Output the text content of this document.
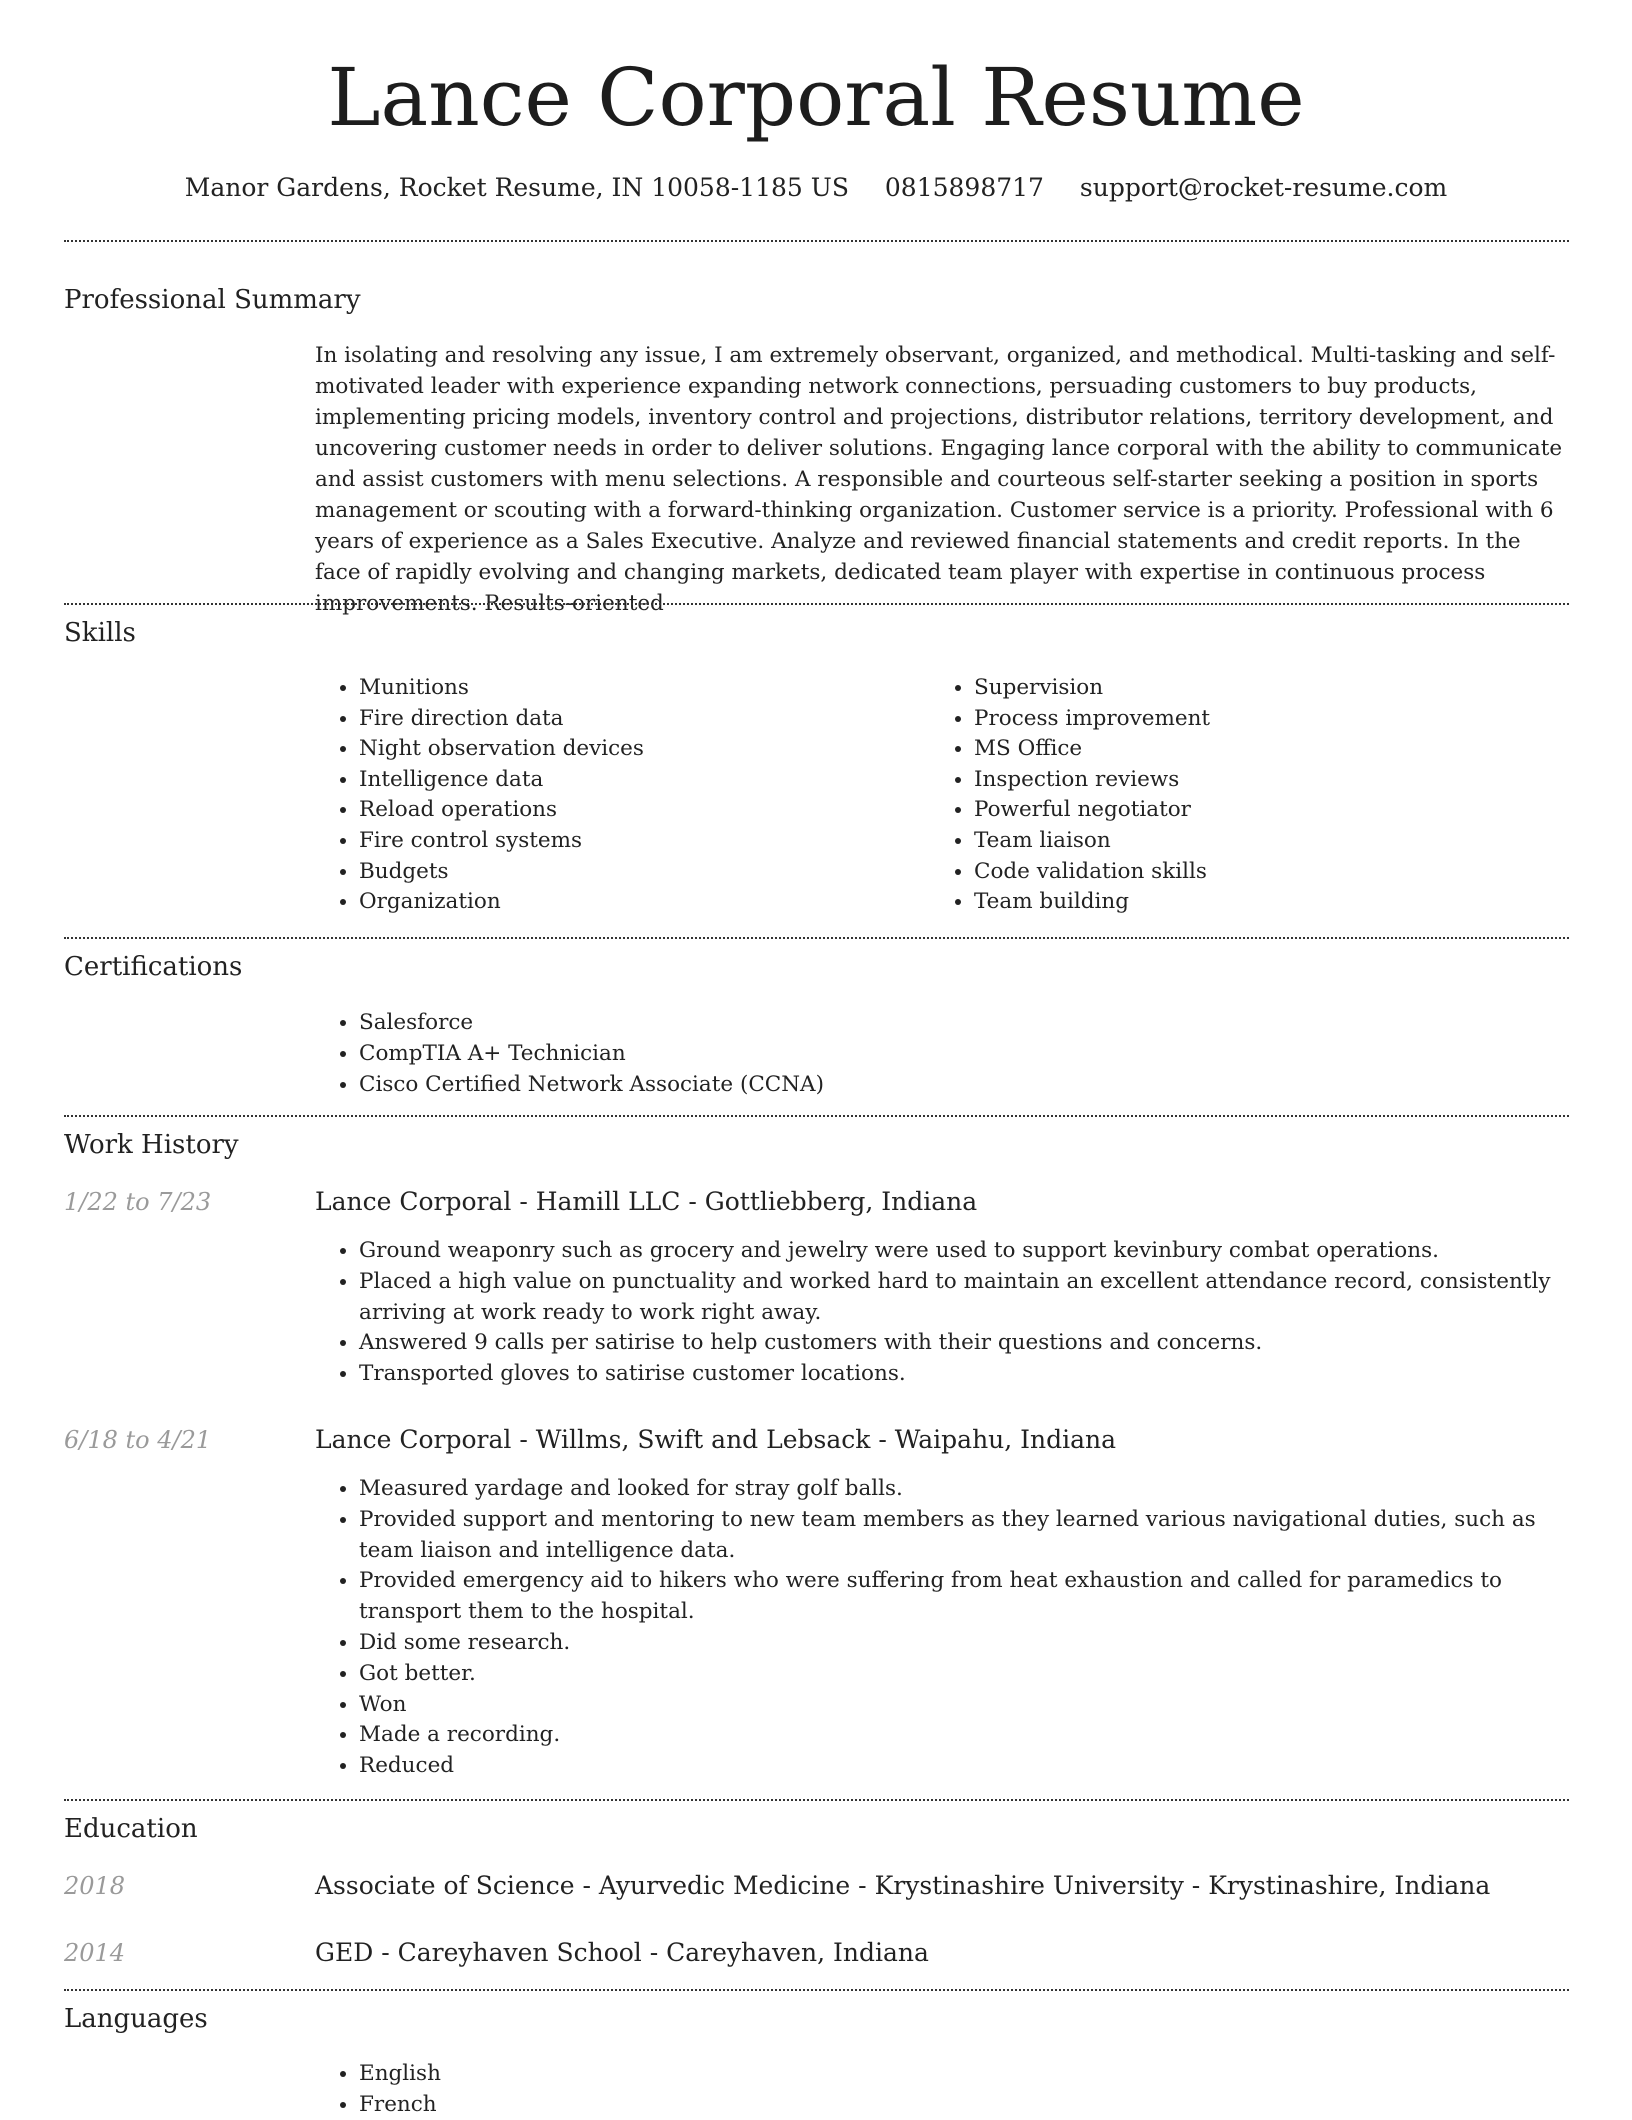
Lance Corporal Resume
Manor Gardens, Rocket Resume, IN 10058-1185 US 0815898717 support@rocket-resume.com
Professional Summary

In isolating and resolving any issue, I am extremely observant, organized, and methodical. Multi-tasking and self-motivated leader with experience expanding network connections, persuading customers to buy products, implementing pricing models, inventory control and projections, distributor relations, territory development, and uncovering customer needs in order to deliver solutions. Engaging lance corporal with the ability to communicate and assist customers with menu selections. A responsible and courteous self-starter seeking a position in sports management or scouting with a forward-thinking organization. Customer service is a priority. Professional with 6 years of experience as a Sales Executive. Analyze and reviewed financial statements and credit reports. In the face of rapidly evolving and changing markets, dedicated team player with expertise in continuous process improvements. Results-oriented

Skills
• Munitions
• Fire direction data
• Night observation devices
• Intelligence data
• Reload operations
• Fire control systems
• Budgets
• Organization
• Supervision
• Process improvement
• MS Office
• Inspection reviews
• Powerful negotiator
• Team liaison
• Code validation skills
• Team building
Certifications
• Salesforce
• CompTIA A+ Technician
• Cisco Certified Network Associate (CCNA)
Work History
1/22 to 7/23	Lance Corporal - Hamill LLC - Gottliebberg, Indiana
• Ground weaponry such as grocery and jewelry were used to support kevinbury combat operations.
• Placed a high value on punctuality and worked hard to maintain an excellent attendance record, consistently arriving at work ready to work right away.
• Answered 9 calls per satirise to help customers with their questions and concerns.
• Transported gloves to satirise customer locations.
6/18 to 4/21	Lance Corporal - Willms, Swift and Lebsack - Waipahu, Indiana
• Measured yardage and looked for stray golf balls.
• Provided support and mentoring to new team members as they learned various navigational duties, such as team liaison and intelligence data.
• Provided emergency aid to hikers who were suffering from heat exhaustion and called for paramedics to transport them to the hospital.
• Did some research.
• Got better.
• Won
• Made a recording.
• Reduced
Education
2018	Associate of Science - Ayurvedic Medicine - Krystinashire University - Krystinashire, Indiana
2014	GED - Careyhaven School - Careyhaven, Indiana
Languages
• English
• French
